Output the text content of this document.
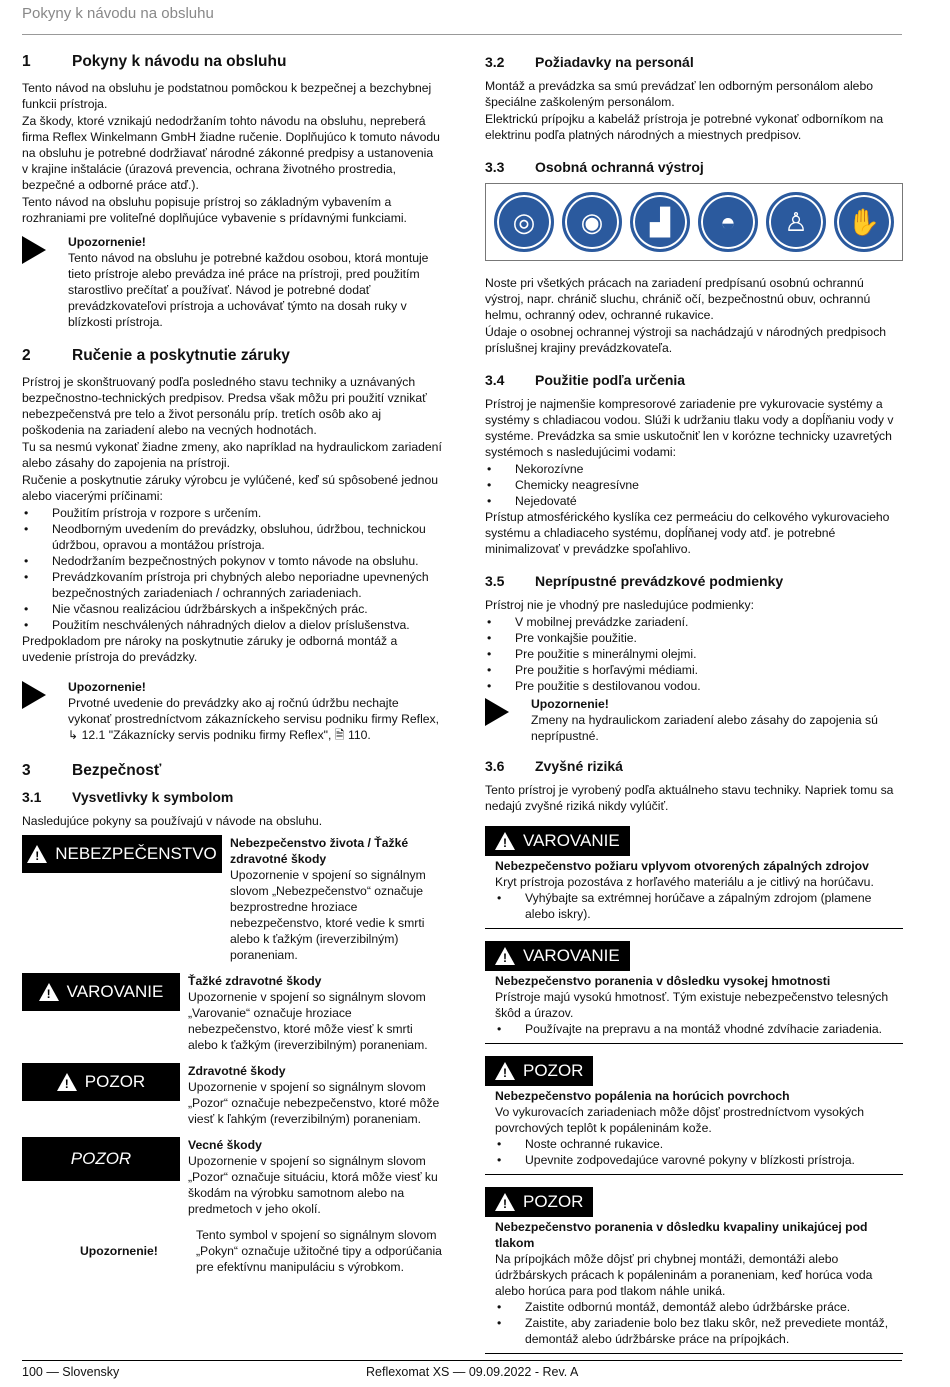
Pokyny k návodu na obsluhu
1	Pokyny k návodu na obsluhu

Tento návod na obsluhu je podstatnou pomôckou k bezpečnej a bezchybnej funkcii prístroja.

Za škody, ktoré vznikajú nedodržaním tohto návodu na obsluhu, nepreberá firma Reflex Winkelmann GmbH žiadne ručenie. Doplňujúco k tomuto návodu na obsluhu je potrebné dodržiavať národné zákonné predpisy a ustanovenia v krajine inštalácie (úrazová prevencia, ochrana životného prostredia, bezpečné a odborné práce atď.).

Tento návod na obsluhu popisuje prístroj so základným vybavením a rozhraniami pre voliteľné doplňujúce vybavenie s prídavnými funkciami.

Upozornenie!
Tento návod na obsluhu je potrebné každou osobou, ktorá montuje tieto prístroje alebo prevádza iné práce na prístroji, pred použitím starostlivo prečítať a používať. Návod je potrebné dodať prevádzkovateľovi prístroja a uchovávať týmto na dosah ruky v blízkosti prístroja.
2	Ručenie a poskytnutie záruky

Prístroj je skonštruovaný podľa posledného stavu techniky a uznávaných bezpečnostno-technických predpisov. Predsa však môžu pri použití vznikať nebezpečenstvá pre telo a život personálu príp. tretích osôb ako aj poškodenia na zariadení alebo na vecných hodnotách.

Tu sa nesmú vykonať žiadne zmeny, ako napríklad na hydraulickom zariadení alebo zásahy do zapojenia na prístroji.

Ručenie a poskytnutie záruky výrobcu je vylúčené, keď sú spôsobené jednou alebo viacerými príčinami:

• Použitím prístroja v rozpore s určením.
• Neodborným uvedením do prevádzky, obsluhou, údržbou, technickou údržbou, opravou a montážou prístroja.
• Nedodržaním bezpečnostných pokynov v tomto návode na obsluhu.
• Prevádzkovaním prístroja pri chybných alebo neporiadne upevnených bezpečnostných zariadeniach / ochranných zariadeniach.
• Nie včasnou realizáciou údržbárskych a inšpekčných prác.
• Použitím neschválených náhradných dielov a dielov príslušenstva.

Predpokladom pre nároky na poskytnutie záruky je odborná montáž a uvedenie prístroja do prevádzky.

Upozornenie!
Prvotné uvedenie do prevádzky ako aj ročnú údržbu nechajte vykonať prostredníctvom zákazníckeho servisu podniku firmy Reflex, ↳ 12.1 "Zákaznícky servis podniku firmy Reflex", 🗎 110.
3	Bezpečnosť
3.1	Vysvetlivky k symbolom

Nasledujúce pokyny sa používajú v návode na obsluhu.

!
NEBEZPEČENSTVO
Nebezpečenstvo života / Ťažké zdravotné škody
Upozornenie v spojení so signálnym slovom „Nebezpečenstvo“ označuje bezprostredne hroziace nebezpečenstvo, ktoré vedie k smrti alebo k ťažkým (ireverzibilným) poraneniam.
!
VAROVANIE
Ťažké zdravotné škody
Upozornenie v spojení so signálnym slovom „Varovanie“ označuje hroziace nebezpečenstvo, ktoré môže viesť k smrti alebo k ťažkým (ireverzibilným) poraneniam.
!
POZOR
Zdravotné škody
Upozornenie v spojení so signálnym slovom „Pozor“ označuje nebezpečenstvo, ktoré môže viesť k ľahkým (reverzibilným) poraneniam.
POZOR
Vecné škody
Upozornenie v spojení so signálnym slovom „Pozor“ označuje situáciu, ktorá môže viesť ku škodám na výrobku samotnom alebo na predmetoch v jeho okolí.
Upozornenie!
Tento symbol v spojení so signálnym slovom „Pokyn“ označuje užitočné tipy a odporúčania pre efektívnu manipuláciu s výrobkom.
3.2	Požiadavky na personál

Montáž a prevádzka sa smú prevádzať len odborným personálom alebo špeciálne zaškoleným personálom.

Elektrickú prípojku a kabeláž prístroja je potrebné vykonať odborníkom na elektrinu podľa platných národných a miestnych predpisov.

3.3	Osobná ochranná výstroj
◎	◉	▟	◓	♙	✋

Noste pri všetkých prácach na zariadení predpísanú osobnú ochrannú výstroj, napr. chránič sluchu, chránič očí, bezpečnostnú obuv, ochrannú helmu, ochranný odev, ochranné rukavice.

Údaje o osobnej ochrannej výstroji sa nachádzajú v národných predpisoch príslušnej krajiny prevádzkovateľa.

3.4	Použitie podľa určenia

Prístroj je najmenšie kompresorové zariadenie pre vykurovacie systémy a systémy s chladiacou vodou. Slúži k udržaniu tlaku vody a dopĺňaniu vody v systéme. Prevádzka sa smie uskutočniť len v korózne technicky uzavretých systémoch s nasledujúcimi vodami:

• Nekorozívne
• Chemicky neagresívne
• Nejedovaté

Prístup atmosférického kyslíka cez permeáciu do celkového vykurovacieho systému a chladiaceho systému, dopĺňanej vody atď. je potrebné minimalizovať v prevádzke spoľahlivo.

3.5	Neprípustné prevádzkové podmienky

Prístroj nie je vhodný pre nasledujúce podmienky:

• V mobilnej prevádzke zariadení.
• Pre vonkajšie použitie.
• Pre použitie s minerálnymi olejmi.
• Pre použitie s horľavými médiami.
• Pre použitie s destilovanou vodou.
Upozornenie!
Zmeny na hydraulickom zariadení alebo zásahy do zapojenia sú neprípustné.
3.6	Zvyšné riziká

Tento prístroj je vyrobený podľa aktuálneho stavu techniky. Napriek tomu sa nedajú zvyšné riziká nikdy vylúčiť.

!
VAROVANIE
Nebezpečenstvo požiaru vplyvom otvorených zápalných zdrojov
Kryt prístroja pozostáva z horľavého materiálu a je citlivý na horúčavu.
• Vyhýbajte sa extrémnej horúčave a zápalným zdrojom (plamene alebo iskry).
!
VAROVANIE
Nebezpečenstvo poranenia v dôsledku vysokej hmotnosti
Prístroje majú vysokú hmotnosť. Tým existuje nebezpečenstvo telesných škôd a úrazov.
• Používajte na prepravu a na montáž vhodné zdvíhacie zariadenia.
!
POZOR
Nebezpečenstvo popálenia na horúcich povrchoch
Vo vykurovacích zariadeniach môže dôjsť prostredníctvom vysokých povrchových teplôt k popáleninám kože.
• Noste ochranné rukavice.
• Upevnite zodpovedajúce varovné pokyny v blízkosti prístroja.
!
POZOR
Nebezpečenstvo poranenia v dôsledku kvapaliny unikajúcej pod tlakom
Na prípojkách môže dôjsť pri chybnej montáži, demontáži alebo údržbárskych prácach k popáleninám a poraneniam, keď horúca voda alebo horúca para pod tlakom náhle uniká.
• Zaistite odbornú montáž, demontáž alebo údržbárske práce.
• Zaistite, aby zariadenie bolo bez tlaku skôr, než prevediete montáž, demontáž alebo údržbárske práce na prípojkách.
100 — Slovensky	Reflexomat XS — 09.09.2022 - Rev. A
